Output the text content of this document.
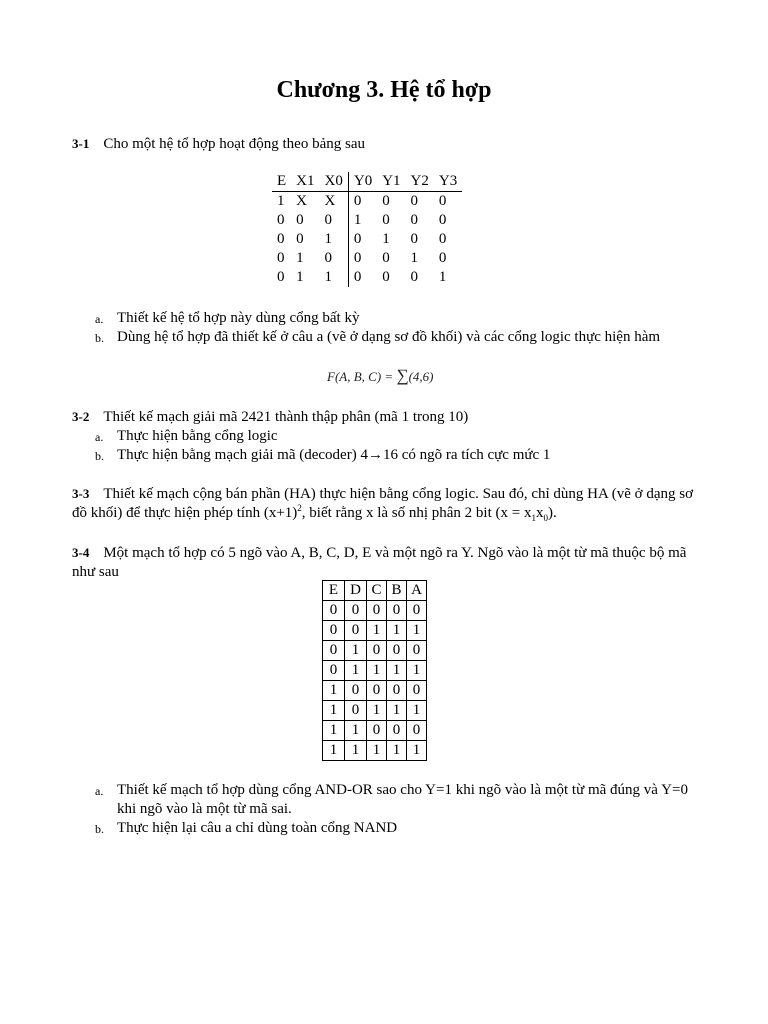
Chương 3. Hệ tổ hợp
3-1 Cho một hệ tổ hợp hoạt động theo bảng sau
E	X1	X0	Y0	Y1	Y2	Y3
1	X	X	0	0	0	0
0	0	0	1	0	0	0
0	0	1	0	1	0	0
0	1	0	0	0	1	0
0	1	1	0	0	0	1
a. Thiết kế hệ tổ hợp này dùng cổng bất kỳ
b. Dùng hệ tổ hợp đã thiết kế ở câu a (vẽ ở dạng sơ đồ khối) và các cổng logic thực hiện hàm
F(A, B, C) = ∑(4,6)
3-2 Thiết kế mạch giải mã 2421 thành thập phân (mã 1 trong 10)
a. Thực hiện bằng cổng logic
b. Thực hiện bằng mạch giải mã (decoder) 4→16 có ngõ ra tích cực mức 1
3-3 Thiết kế mạch cộng bán phần (HA) thực hiện bằng cổng logic. Sau đó, chỉ dùng HA (vẽ ở dạng sơ đồ khối) để thực hiện phép tính $(x+1)^2$, biết rằng x là số nhị phân 2 bit $(x = x_1x_0)$.
3-4 Một mạch tổ hợp có 5 ngõ vào A, B, C, D, E và một ngõ ra Y. Ngõ vào là một từ mã thuộc bộ mã như sau
E	D	C	B	A
0	0	0	0	0
0	0	1	1	1
0	1	0	0	0
0	1	1	1	1
1	0	0	0	0
1	0	1	1	1
1	1	0	0	0
1	1	1	1	1
a. Thiết kế mạch tổ hợp dùng cổng AND-OR sao cho Y=1 khi ngõ vào là một từ mã đúng và Y=0 khi ngõ vào là một từ mã sai.
b. Thực hiện lại câu a chỉ dùng toàn cổng NAND
